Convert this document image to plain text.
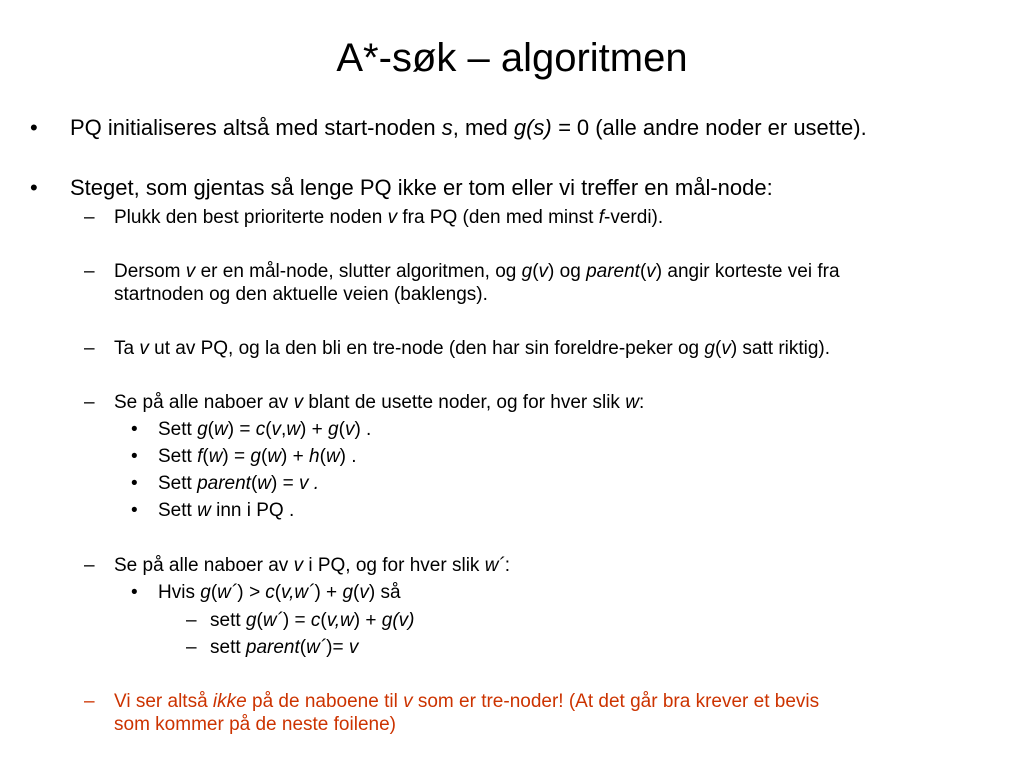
A*-søk – algoritmen
• PQ initialiseres altså med start-noden s, med g(s) = 0 (alle andre noder er usette).
• Steget, som gjentas så lenge PQ ikke er tom eller vi treffer en mål-node:
– Plukk den best prioriterte noden v fra PQ (den med minst f-verdi).
– Dersom v er en mål-node, slutter algoritmen, og g(v) og parent(v) angir korteste vei fra
startnoden og den aktuelle veien (baklengs).
– Ta v ut av PQ, og la den bli en tre-node (den har sin foreldre-peker og g(v) satt riktig).
– Se på alle naboer av v blant de usette noder, og for hver slik w:
• Sett g(w) = c(v,w) + g(v) .
• Sett f(w) = g(w) + h(w) .
• Sett parent(w) = v .
• Sett w inn i PQ .
– Se på alle naboer av v i PQ, og for hver slik w´:
• Hvis g(w´) > c(v,w´) + g(v) så
– sett g(w´) = c(v,w) + g(v)
– sett parent(w´)= v
– Vi ser altså ikke på de naboene til v som er tre-noder! (At det går bra krever et bevis
som kommer på de neste foilene)
